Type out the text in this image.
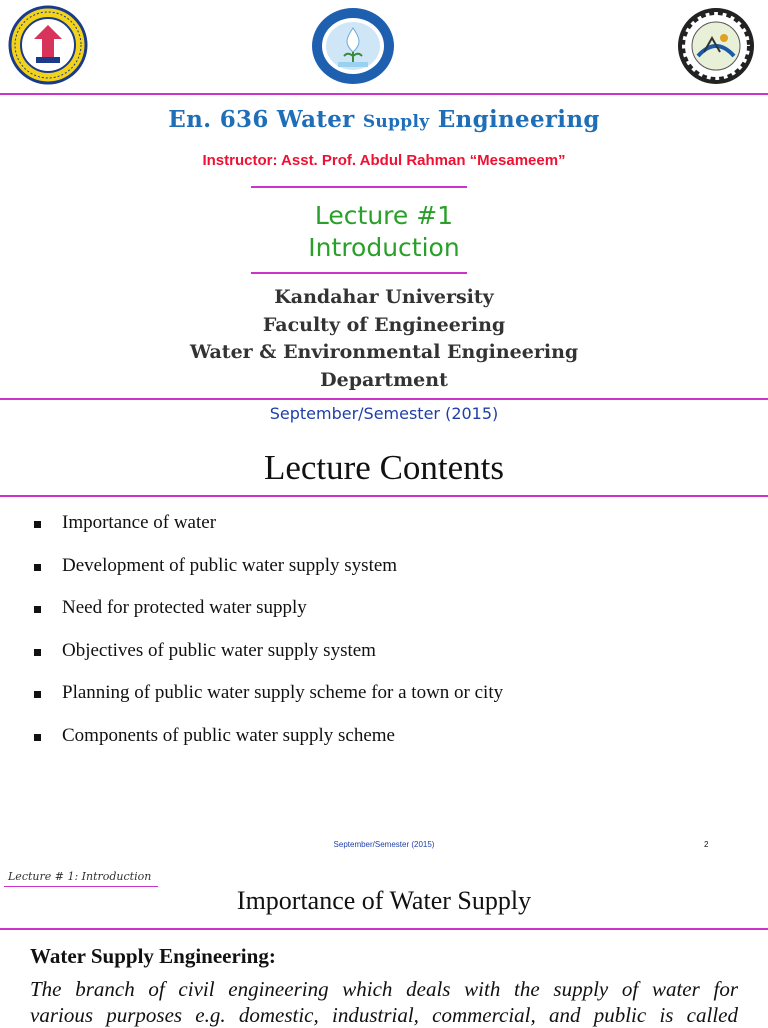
En. 636 Water Supply Engineering
Instructor: Asst. Prof. Abdul Rahman “Mesameem”
Lecture #1
Introduction
Kandahar University
Faculty of Engineering
Water & Environmental Engineering
Department
September/Semester (2015)
Lecture Contents
Importance of water
Development of public water supply system
Need for protected water supply
Objectives of public water supply system
Planning of public water supply scheme for a town or city
Components of public water supply scheme
September/Semester (2015)	2
Lecture # 1: Introduction
Importance of Water Supply
Water Supply Engineering:
The branch of civil engineering which deals with the supply of water for
various purposes e.g. domestic, industrial, commercial, and public is called
